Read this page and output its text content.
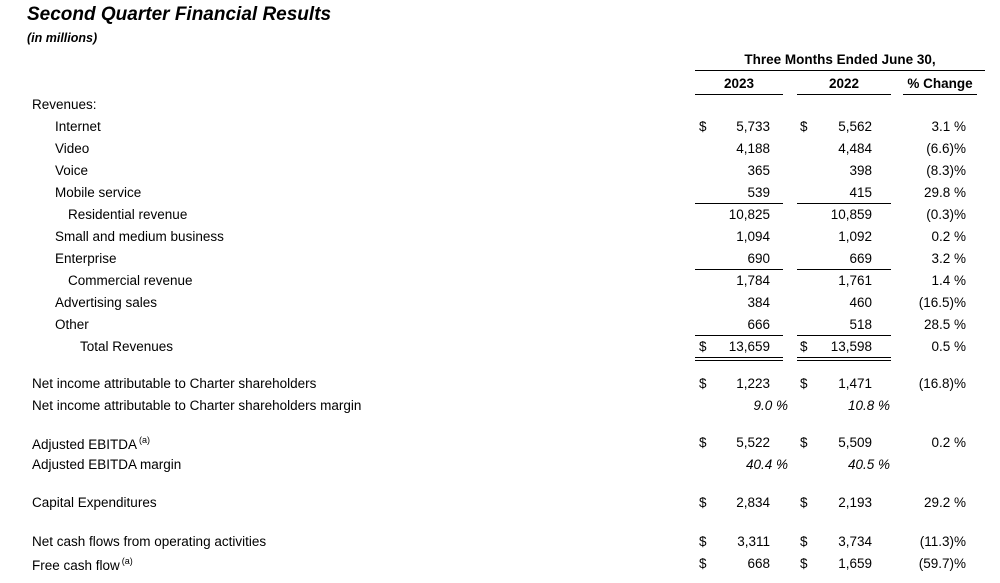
Second Quarter Financial Results
(in millions)
Three Months Ended June 30,
2023	2022	% Change
Revenues:
Internet	$	5,733 $	5,562	3.1 %
Video	4,188	4,484	(6.6)%
Voice	365	398	(8.3)%
Mobile service	539	415	29.8 %
Residential revenue	10,825	10,859	(0.3)%
Small and medium business	1,094	1,092	0.2 %
Enterprise	690	669	3.2 %
Commercial revenue	1,784	1,761	1.4 %
Advertising sales	384	460	(16.5)%
Other	666	518	28.5 %
Total Revenues	$	13,659 $	13,598	0.5 %
Net income attributable to Charter shareholders	$	1,223 $	1,471	(16.8)%
Net income attributable to Charter shareholders margin	9.0 %	10.8 %
Adjusted EBITDA $^{(a)}$	$	5,522 $	5,509	0.2 %
Adjusted EBITDA margin	40.4 %	40.5 %
Capital Expenditures	$	2,834 $	2,193	29.2 %
Net cash flows from operating activities	$	3,311 $	3,734	(11.3)%
Free cash flow $^{(a)}$	$	668 $	1,659	(59.7)%
